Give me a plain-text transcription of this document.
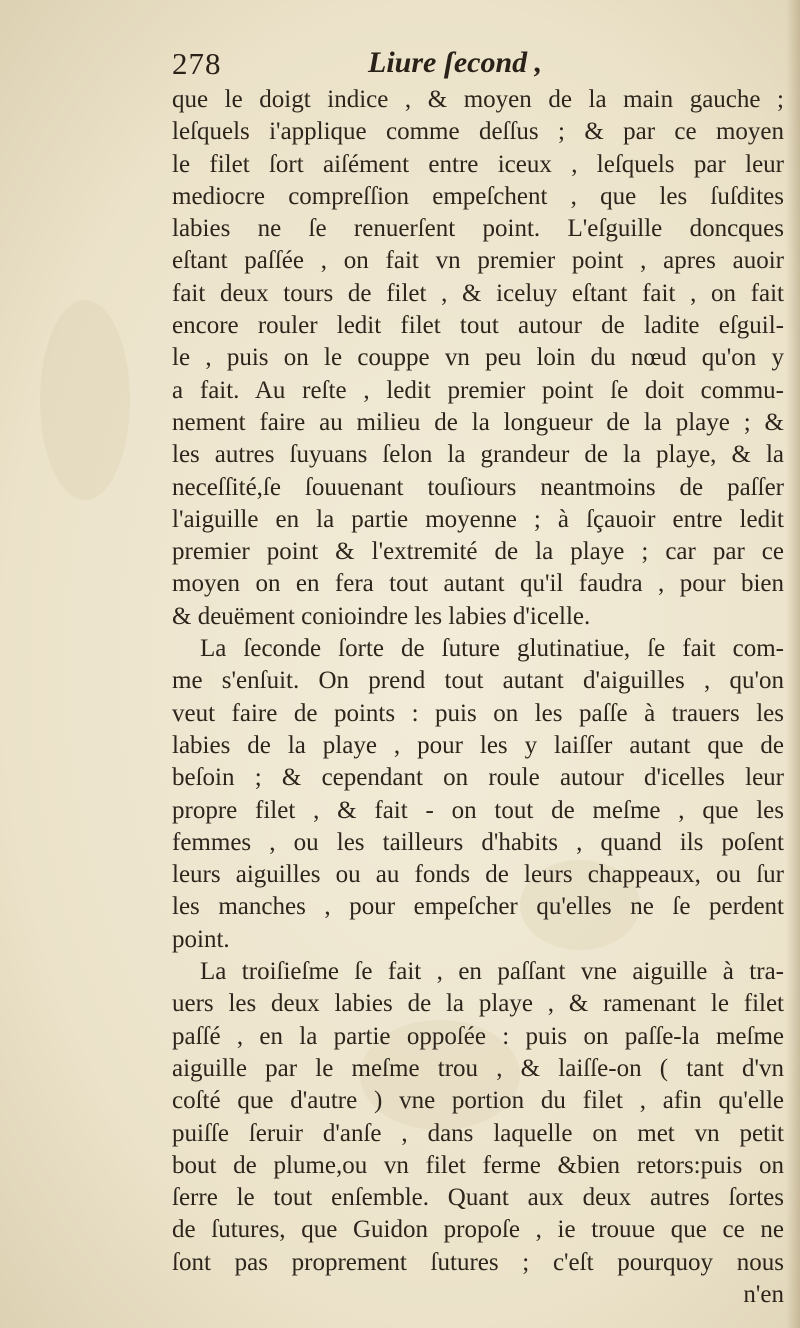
278	Liure ſecond ,
que le doigt indice , & moyen de la main gauche ;
leſquels i'applique comme deſſus ; & par ce moyen
le filet ſort aiſément entre iceux , leſquels par leur
mediocre compreſſion empeſchent , que les ſuſdites
labies ne ſe renuerſent point. L'eſguille doncques
eſtant paſſée , on fait vn premier point , apres auoir
fait deux tours de filet , & iceluy eſtant fait , on fait
encore rouler ledit filet tout autour de ladite eſguil-
le , puis on le couppe vn peu loin du nœud qu'on y
a fait. Au reſte , ledit premier point ſe doit commu-
nement faire au milieu de la longueur de la playe ; &
les autres ſuyuans ſelon la grandeur de la playe, & la
neceſſité,ſe ſouuenant touſiours neantmoins de paſſer
l'aiguille en la partie moyenne ; à ſçauoir entre ledit
premier point & l'extremité de la playe ; car par ce
moyen on en fera tout autant qu'il faudra , pour bien
& deuëment conioindre les labies d'icelle.
La ſeconde ſorte de ſuture glutinatiue, ſe fait com-
me s'enſuit. On prend tout autant d'aiguilles , qu'on
veut faire de points : puis on les paſſe à trauers les
labies de la playe , pour les y laiſſer autant que de
beſoin ; & cependant on roule autour d'icelles leur
propre filet , & fait - on tout de meſme , que les
femmes , ou les tailleurs d'habits , quand ils poſent
leurs aiguilles ou au fonds de leurs chappeaux, ou ſur
les manches , pour empeſcher qu'elles ne ſe perdent
point.
La troiſieſme ſe fait , en paſſant vne aiguille à tra-
uers les deux labies de la playe , & ramenant le filet
paſſé , en la partie oppoſée : puis on paſſe-la meſme
aiguille par le meſme trou , & laiſſe-on ( tant d'vn
coſté que d'autre ) vne portion du filet , afin qu'elle
puiſſe ſeruir d'anſe , dans laquelle on met vn petit
bout de plume,ou vn filet ferme &bien retors:puis on
ſerre le tout enſemble. Quant aux deux autres ſortes
de ſutures, que Guidon propoſe , ie trouue que ce ne
ſont pas proprement ſutures ; c'eſt pourquoy nous
n'en
